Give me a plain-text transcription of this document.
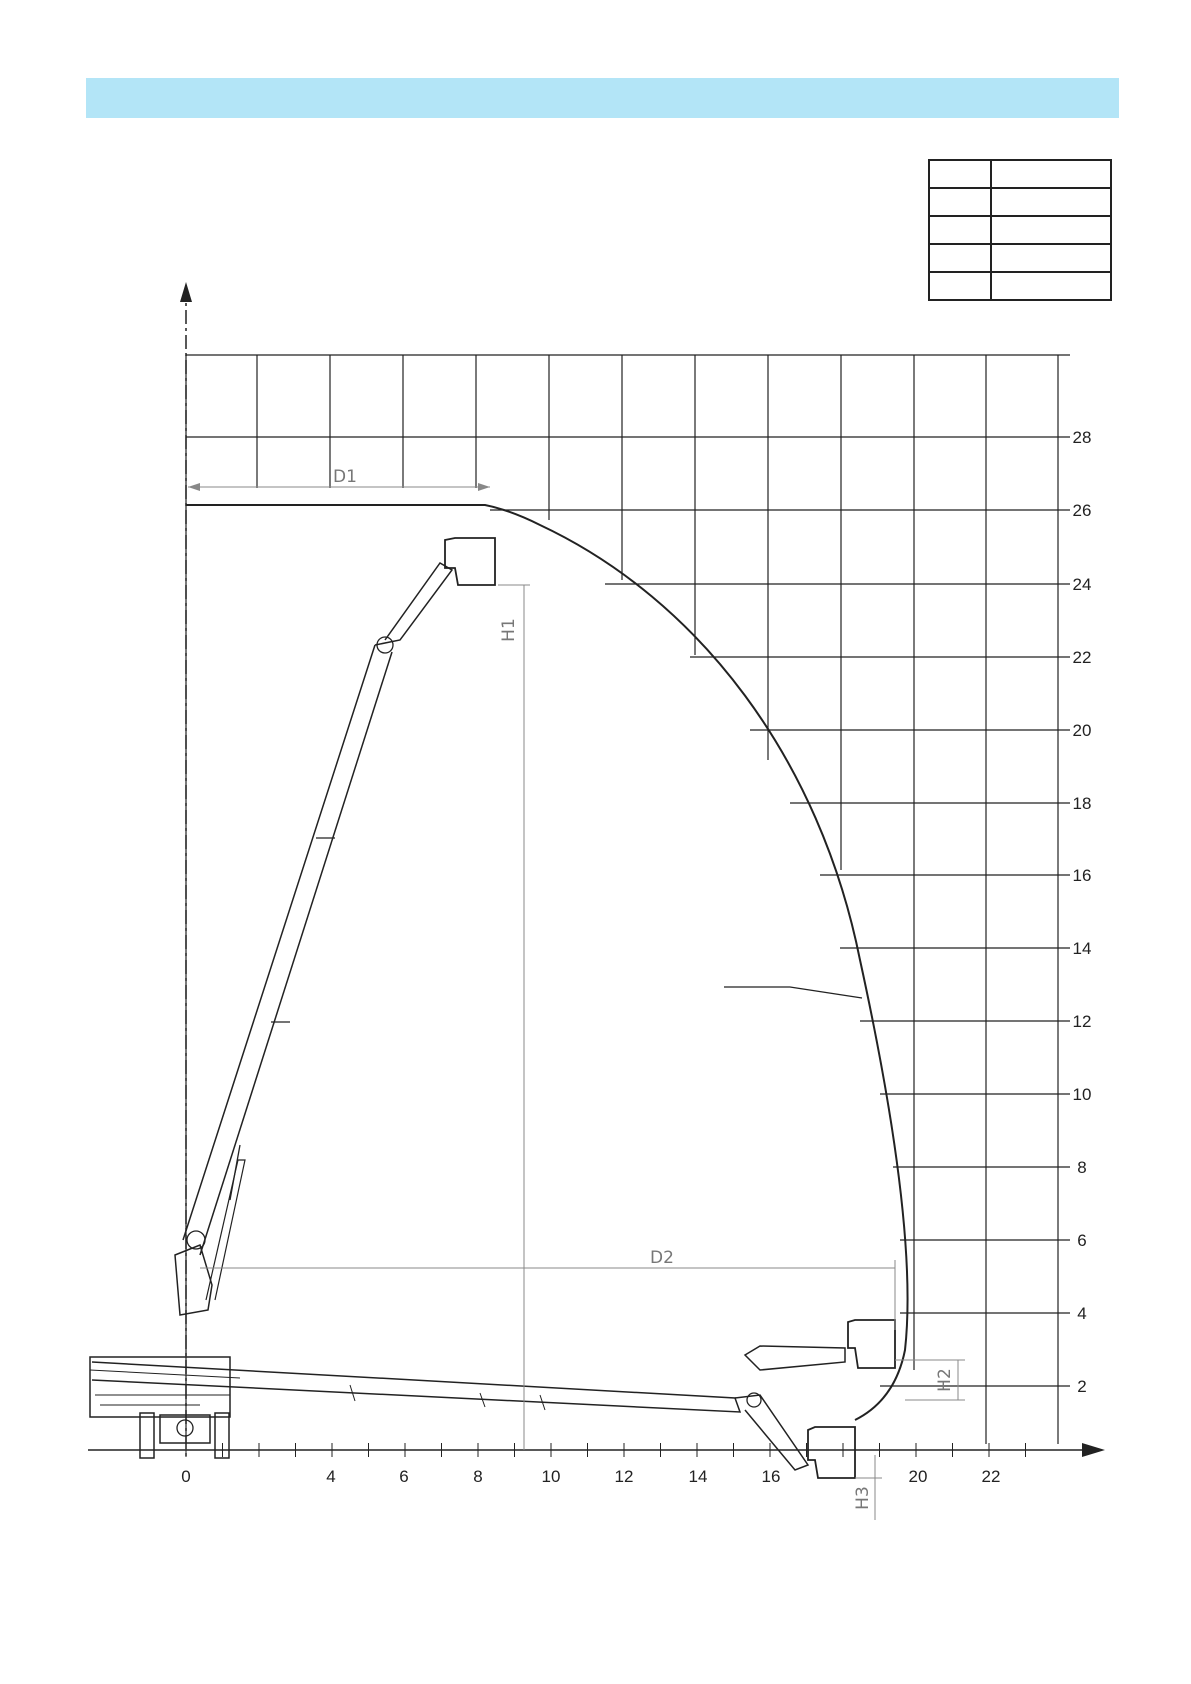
D1
D2
H1
H2
H3
0	4	6	8	10	12	14	16	20	22
28
26
24
22
20
18
16
14
12
10
8
6
4
2
